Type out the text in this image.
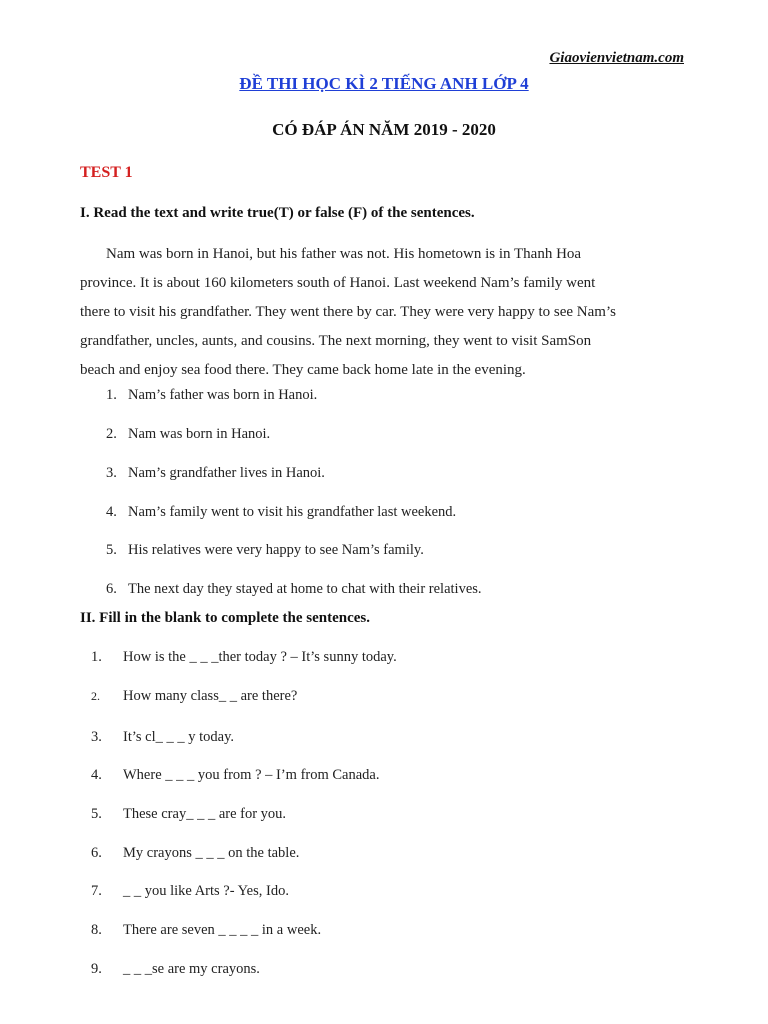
Giaovienvietnam.com
ĐỀ THI HỌC KÌ 2 TIẾNG ANH LỚP 4
CÓ ĐÁP ÁN NĂM 2019 - 2020
TEST 1
I. Read the text and write true(T) or false (F) of the sentences.
Nam was born in Hanoi, but his father was not. His hometown is in Thanh Hoa
province. It is about 160 kilometers south of Hanoi. Last weekend Nam’s family went
there to visit his grandfather. They went there by car. They were very happy to see Nam’s
grandfather, uncles, aunts, and cousins. The next morning, they went to visit SamSon
beach and enjoy sea food there. They came back home late in the evening.
1. Nam’s father was born in Hanoi.
2. Nam was born in Hanoi.
3. Nam’s grandfather lives in Hanoi.
4. Nam’s family went to visit his grandfather last weekend.
5. His relatives were very happy to see Nam’s family.
6. The next day they stayed at home to chat with their relatives.
II. Fill in the blank to complete the sentences.
1. How is the _ _ _ther today ? – It’s sunny today.
2. How many class_ _ are there?
3. It’s cl_ _ _ y today.
4. Where _ _ _ you from ? – I’m from Canada.
5. These cray_ _ _ are for you.
6. My crayons _ _ _ on the table.
7. _ _ you like Arts ?- Yes, Ido.
8. There are seven _ _ _ _ in a week.
9. _ _ _se are my crayons.
